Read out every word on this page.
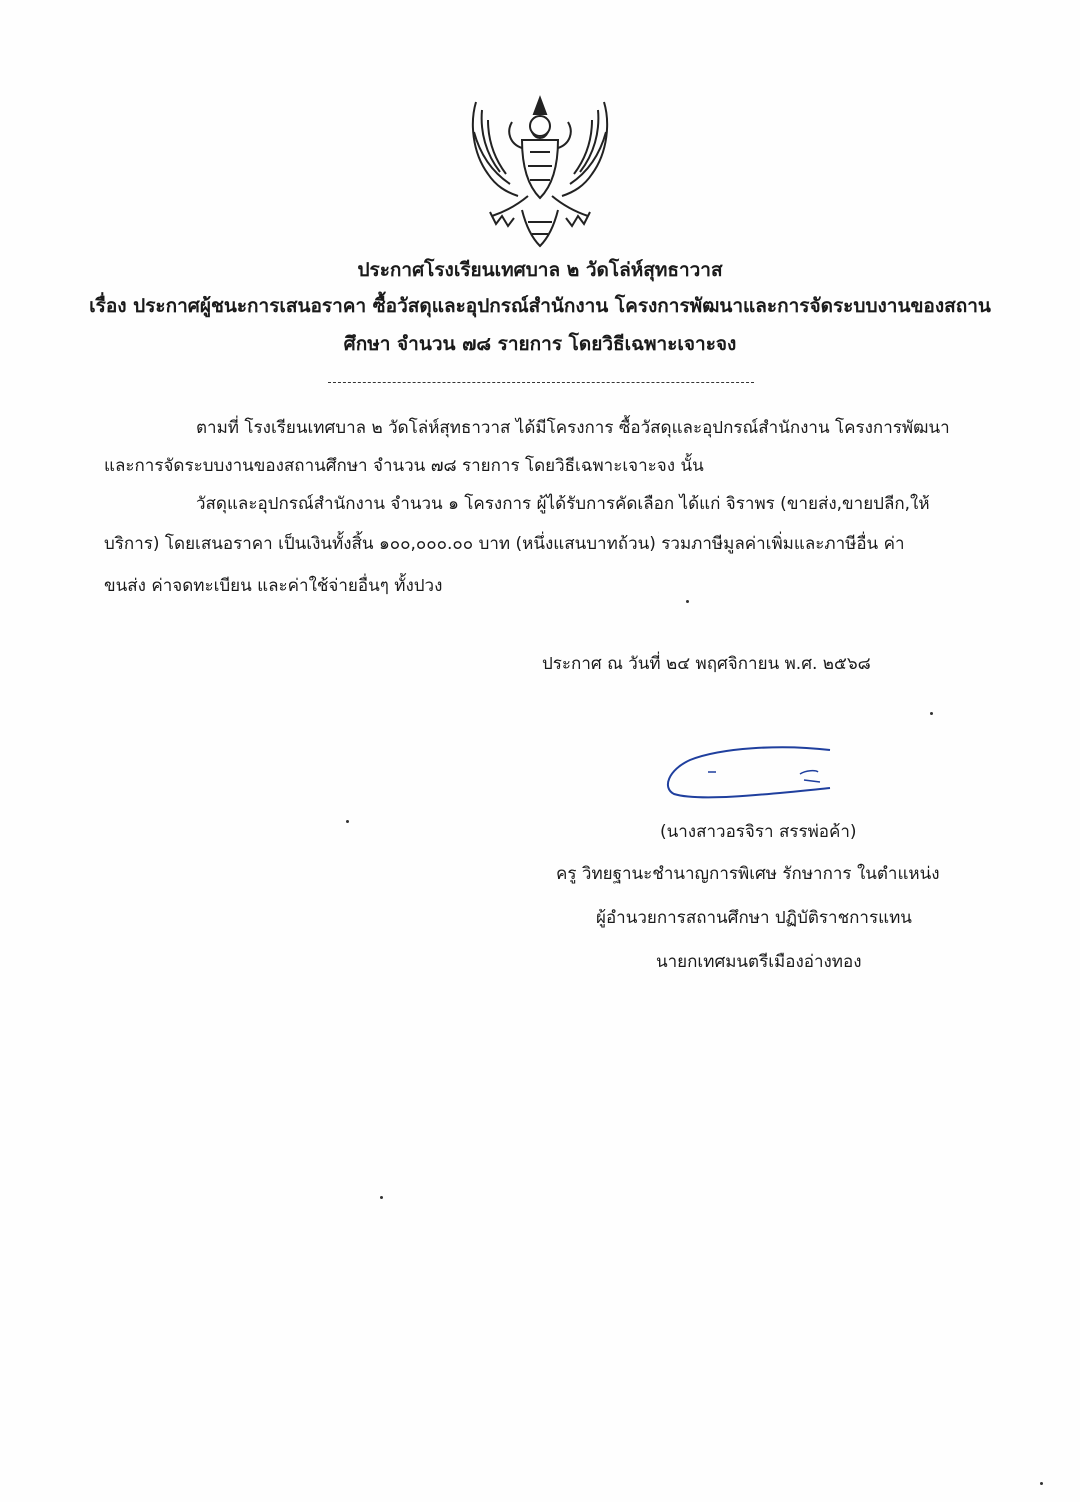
ประกาศโรงเรียนเทศบาล ๒ วัดโล่ห์สุทธาวาส
เรื่อง ประกาศผู้ชนะการเสนอราคา ซื้อวัสดุและอุปกรณ์สำนักงาน โครงการพัฒนาและการจัดระบบงานของสถาน
ศึกษา จำนวน ๗๘ รายการ โดยวิธีเฉพาะเจาะจง
ตามที่ โรงเรียนเทศบาล ๒ วัดโล่ห์สุทธาวาส ได้มีโครงการ ซื้อวัสดุและอุปกรณ์สำนักงาน โครงการพัฒนา
และการจัดระบบงานของสถานศึกษา จำนวน ๗๘ รายการ โดยวิธีเฉพาะเจาะจง นั้น
วัสดุและอุปกรณ์สำนักงาน จำนวน ๑ โครงการ ผู้ได้รับการคัดเลือก ได้แก่ จิราพร (ขายส่ง,ขายปลีก,ให้
บริการ) โดยเสนอราคา เป็นเงินทั้งสิ้น ๑๐๐,๐๐๐.๐๐ บาท (หนึ่งแสนบาทถ้วน) รวมภาษีมูลค่าเพิ่มและภาษีอื่น ค่า
ขนส่ง ค่าจดทะเบียน และค่าใช้จ่ายอื่นๆ ทั้งปวง
ประกาศ ณ วันที่ ๒๔ พฤศจิกายน พ.ศ. ๒๕๖๘
(นางสาวอรจิรา สรรพ่อค้า)
ครู วิทยฐานะชำนาญการพิเศษ รักษาการ ในตำแหน่ง
ผู้อำนวยการสถานศึกษา ปฏิบัติราชการแทน
นายกเทศมนตรีเมืองอ่างทอง
